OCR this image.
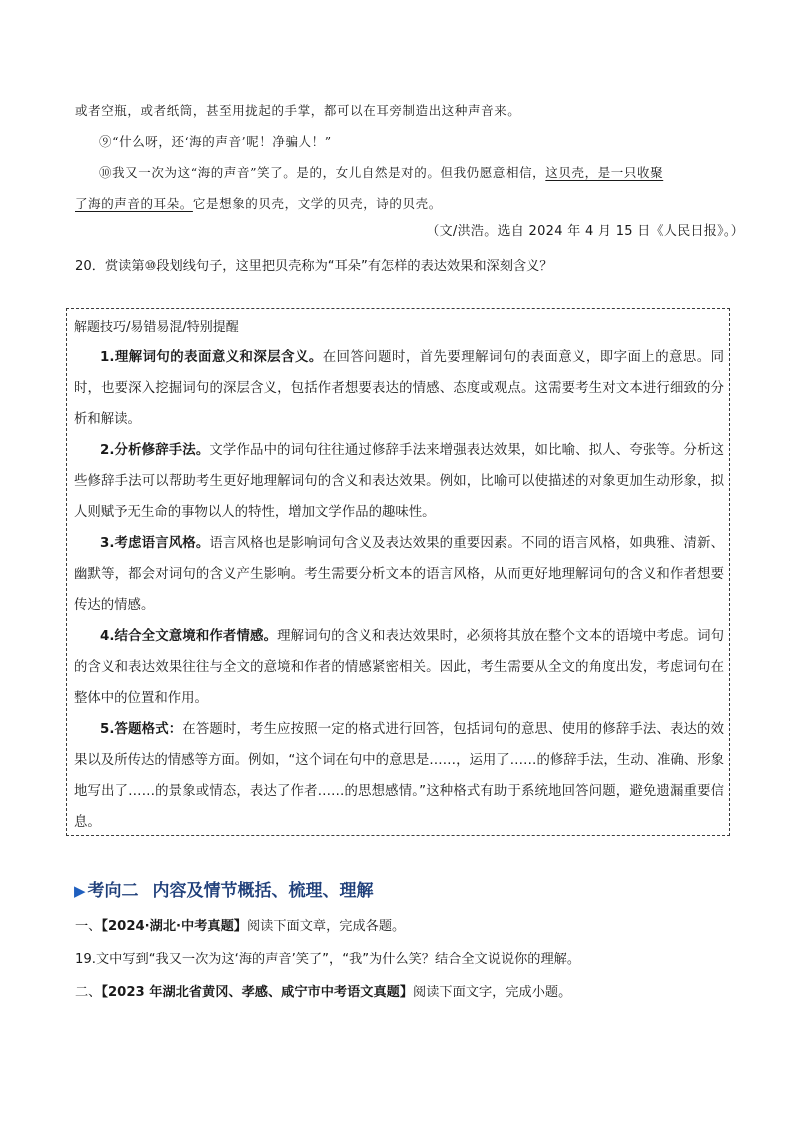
或者空瓶，或者纸筒，甚至用拢起的手掌，都可以在耳旁制造出这种声音来。
⑨“什么呀，还‘海的声音’呢！净骗人！”
⑩我又一次为这“海的声音”笑了。是的，女儿自然是对的。但我仍愿意相信，这贝壳，是一只收聚
了海的声音的耳朵。它是想象的贝壳，文学的贝壳，诗的贝壳。
（文/洪浩。选自 2024 年 4 月 15 日《人民日报》。）
20．赏读第⑩段划线句子，这里把贝壳称为“耳朵”有怎样的表达效果和深刻含义？
解题技巧/易错易混/特别提醒
1.理解词句的表面意义和深层含义。在回答问题时，首先要理解词句的表面意义，即字面上的意思。同时，也要深入挖掘词句的深层含义，包括作者想要表达的情感、态度或观点。这需要考生对文本进行细致的分析和解读。
2.分析修辞手法。文学作品中的词句往往通过修辞手法来增强表达效果，如比喻、拟人、夸张等。分析这些修辞手法可以帮助考生更好地理解词句的含义和表达效果。例如，比喻可以使描述的对象更加生动形象，拟人则赋予无生命的事物以人的特性，增加文学作品的趣味性。
3.考虑语言风格。语言风格也是影响词句含义及表达效果的重要因素。不同的语言风格，如典雅、清新、幽默等，都会对词句的含义产生影响。考生需要分析文本的语言风格，从而更好地理解词句的含义和作者想要传达的情感。
4.结合全文意境和作者情感。理解词句的含义和表达效果时，必须将其放在整个文本的语境中考虑。词句的含义和表达效果往往与全文的意境和作者的情感紧密相关。因此，考生需要从全文的角度出发，考虑词句在整体中的位置和作用。
5.答题格式：在答题时，考生应按照一定的格式进行回答，包括词句的意思、使用的修辞手法、表达的效果以及所传达的情感等方面。例如，“这个词在句中的意思是……，运用了……的修辞手法，生动、准确、形象地写出了……的景象或情态，表达了作者……的思想感情。”这种格式有助于系统地回答问题，避免遗漏重要信息。
▶ 考向二 内容及情节概括、梳理、理解
一、【2024·湖北·中考真题】阅读下面文章，完成各题。
19.文中写到“我又一次为这‘海的声音’笑了”，“我”为什么笑？结合全文说说你的理解。
二、【2023 年湖北省黄冈、孝感、咸宁市中考语文真题】阅读下面文字，完成小题。
